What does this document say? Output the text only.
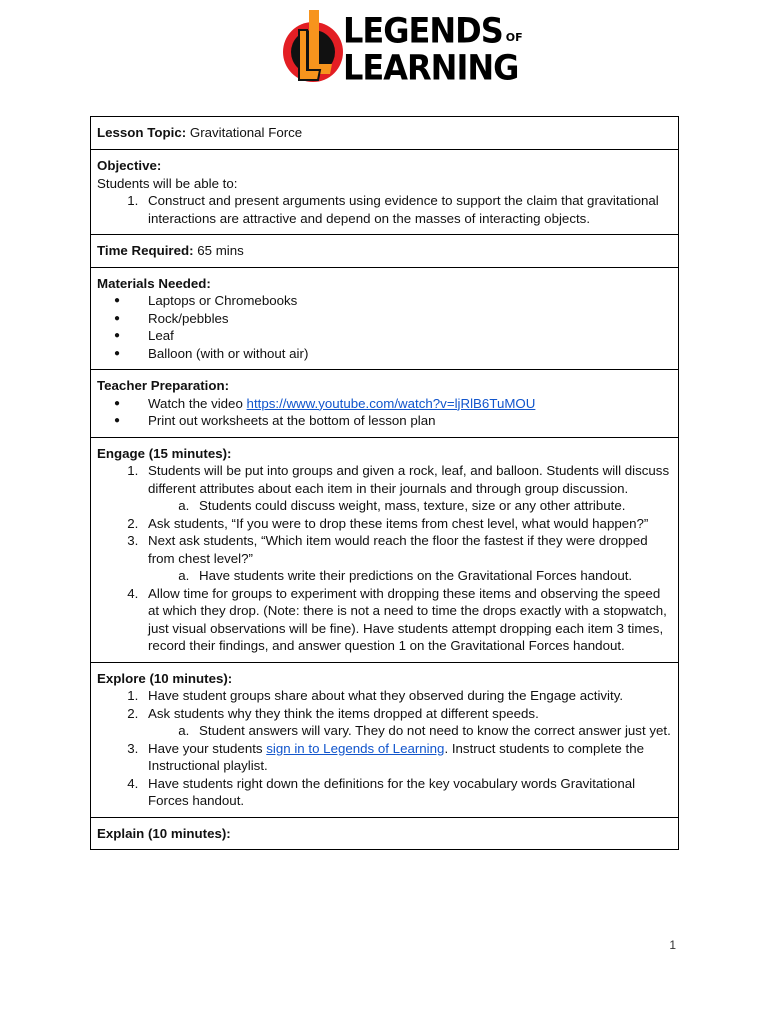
LEGENDS OF
LEARNING
Lesson Topic: Gravitational Force

Objective:
Students will be able to:
1. Construct and present arguments using evidence to support the claim that gravitational interactions are attractive and depend on the masses of interacting objects.

Time Required: 65 mins

Materials Needed:
● Laptops or Chromebooks
● Rock/pebbles
● Leaf
● Balloon (with or without air)

Teacher Preparation:
● Watch the video https://www.youtube.com/watch?v=ljRlB6TuMOU
● Print out worksheets at the bottom of lesson plan

Engage (15 minutes):
1. Students will be put into groups and given a rock, leaf, and balloon. Students will discuss different attributes about each item in their journals and through group discussion.
a. Students could discuss weight, mass, texture, size or any other attribute.
2. Ask students, “If you were to drop these items from chest level, what would happen?”
3. Next ask students, “Which item would reach the floor the fastest if they were dropped from chest level?”
a. Have students write their predictions on the Gravitational Forces handout.
4. Allow time for groups to experiment with dropping these items and observing the speed at which they drop. (Note: there is not a need to time the drops exactly with a stopwatch, just visual observations will be fine). Have students attempt dropping each item 3 times, record their findings, and answer question 1 on the Gravitational Forces handout.

Explore (10 minutes):
1. Have student groups share about what they observed during the Engage activity.
2. Ask students why they think the items dropped at different speeds.
a. Student answers will vary. They do not need to know the correct answer just yet.
3. Have your students sign in to Legends of Learning. Instruct students to complete the Instructional playlist.
4. Have students right down the definitions for the key vocabulary words Gravitational Forces handout.

Explain (10 minutes):
1
